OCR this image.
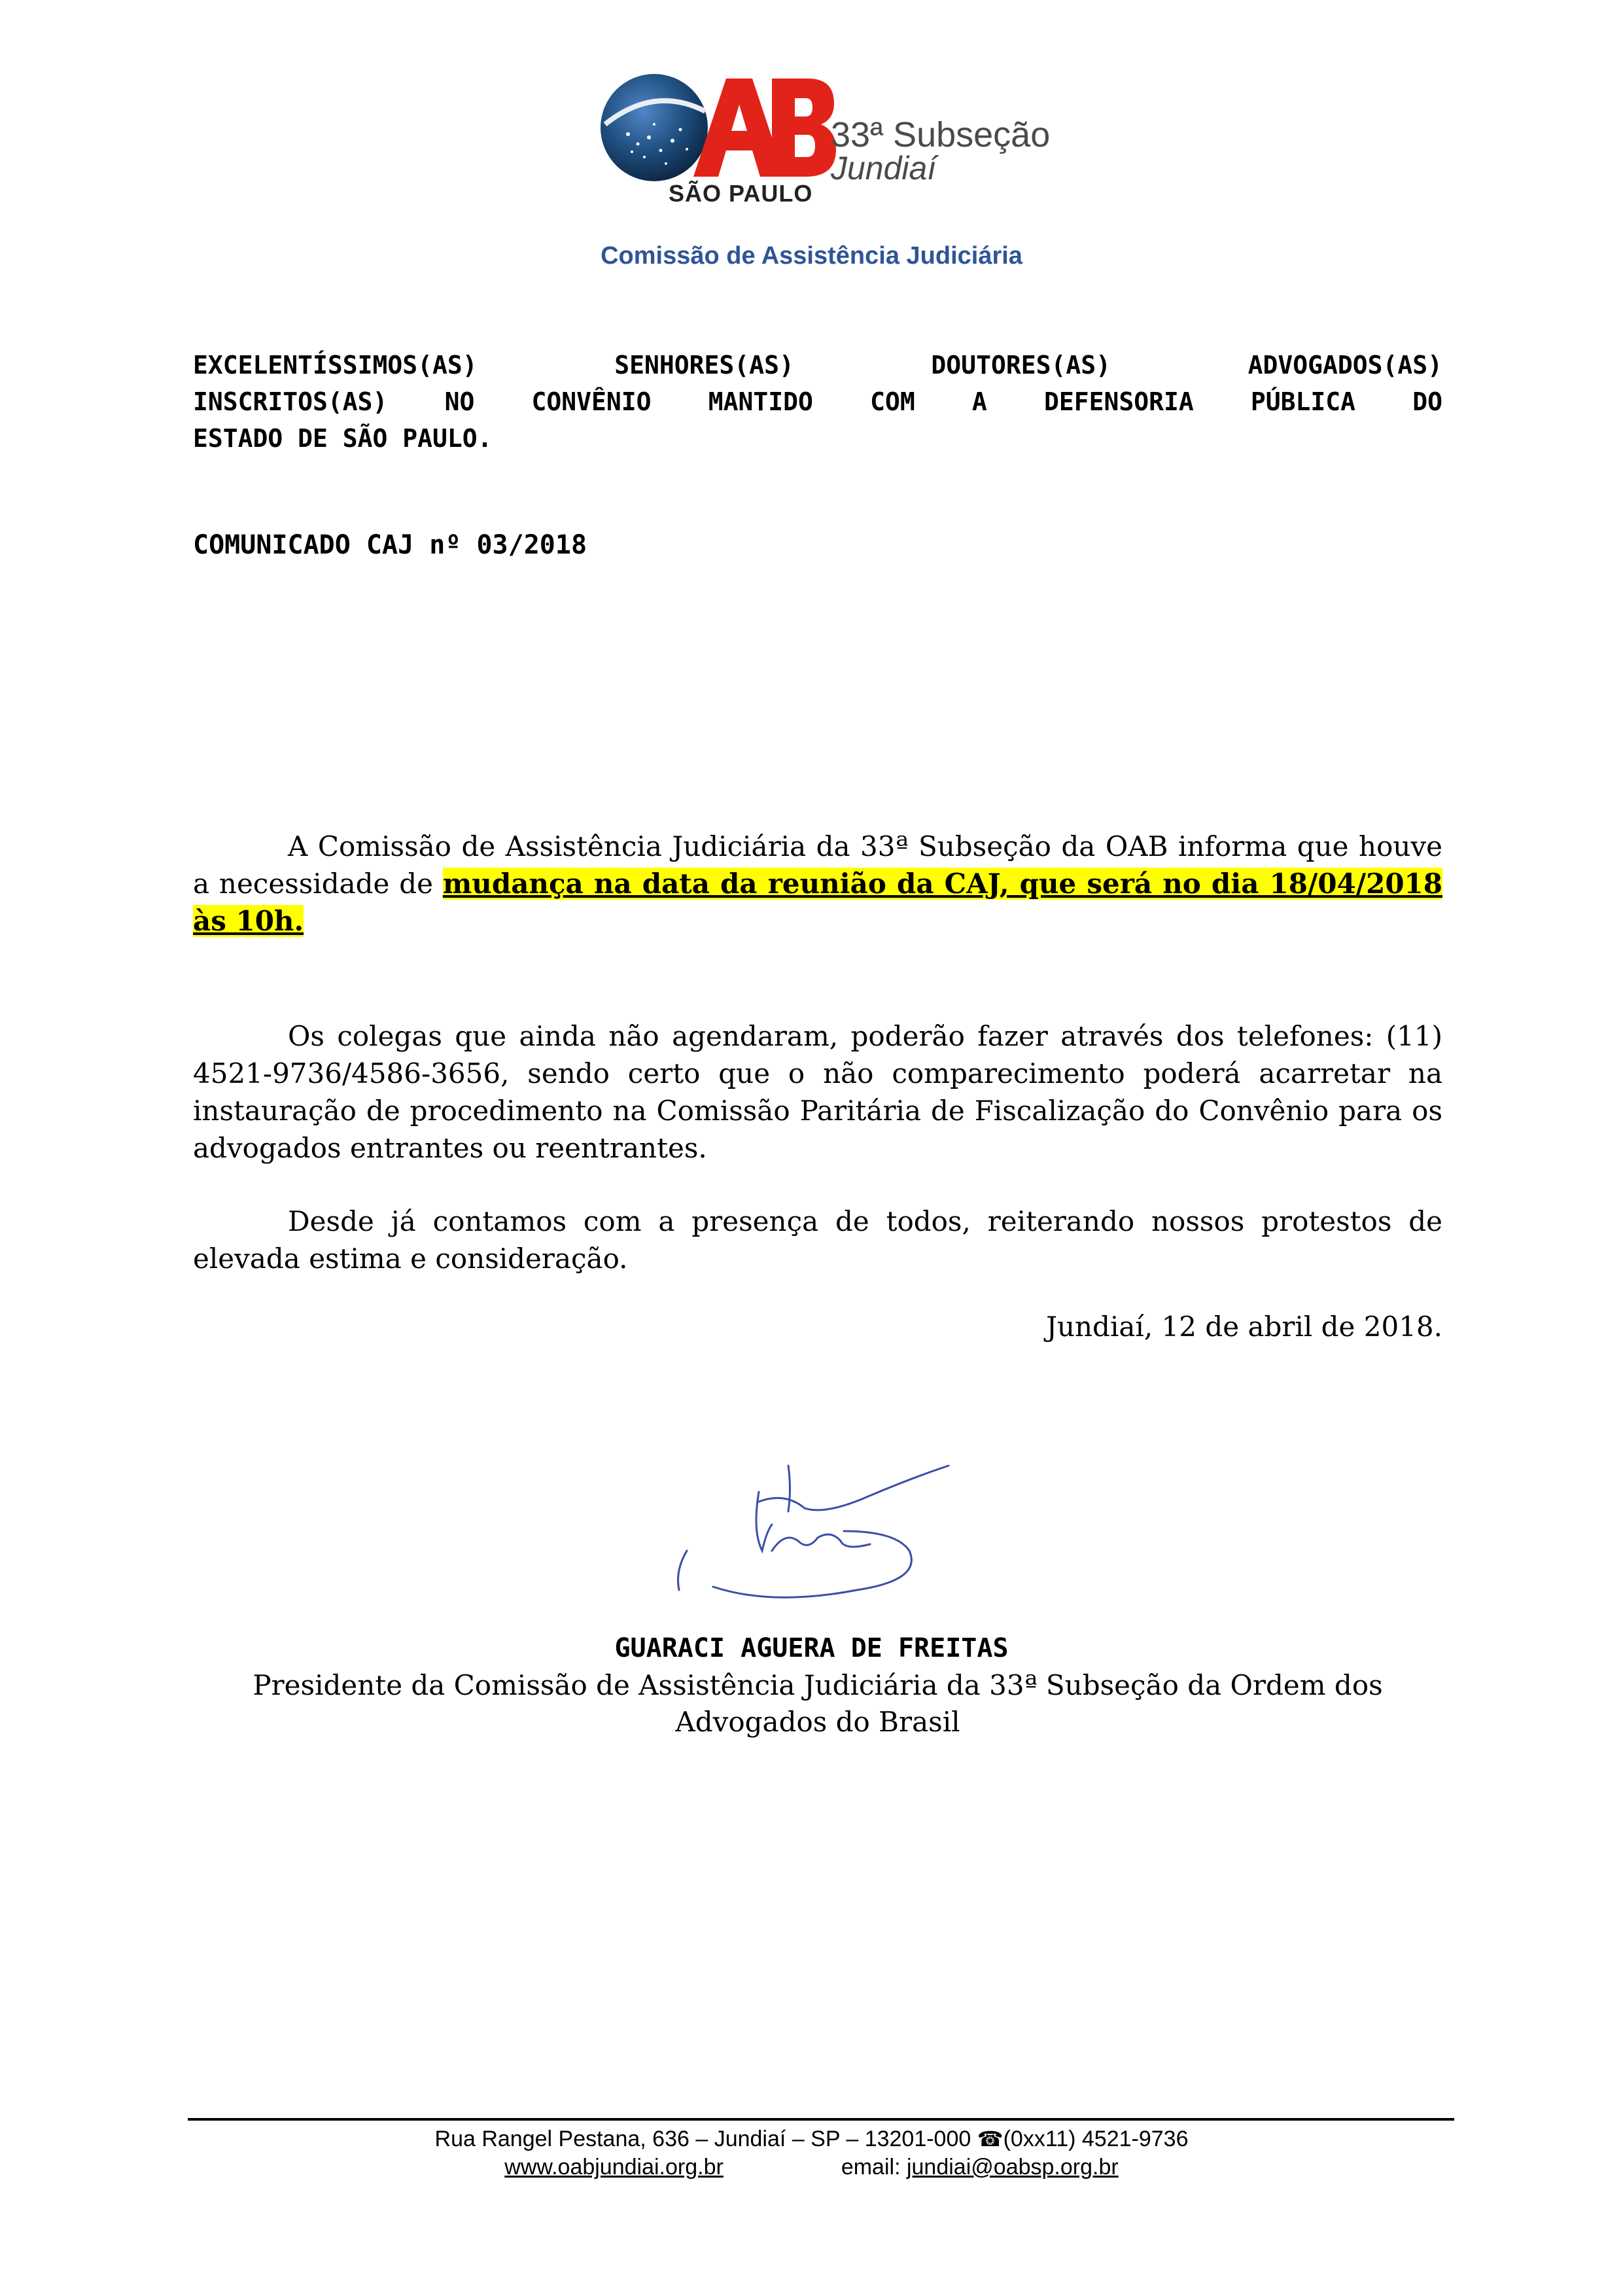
SÃO PAULO
33ª Subseção
Jundiaí
Comissão de Assistência Judiciária
EXCELENTÍSSIMOS(AS) SENHORES(AS) DOUTORES(AS) ADVOGADOS(AS)
INSCRITOS(AS) NO CONVÊNIO MANTIDO COM A DEFENSORIA PÚBLICA DO
ESTADO DE SÃO PAULO.
COMUNICADO CAJ nº 03/2018
A Comissão de Assistência Judiciária da 33ª Subseção da OAB informa que houve a necessidade de mudança na data da reunião da CAJ, que será no dia 18/04/2018 às 10h.
Os colegas que ainda não agendaram, poderão fazer através dos telefones: (11) 4521-9736/4586-3656, sendo certo que o não comparecimento poderá acarretar na instauração de procedimento na Comissão Paritária de Fiscalização do Convênio para os advogados entrantes ou reentrantes.
Desde já contamos com a presença de todos, reiterando nossos protestos de elevada estima e consideração.
Jundiaí, 12 de abril de 2018.
GUARACI AGUERA DE FREITAS
Presidente da Comissão de Assistência Judiciária da 33ª Subseção da Ordem dos Advogados do Brasil
Rua Rangel Pestana, 636 – Jundiaí – SP – 13201-000 ☎(0xx11) 4521-9736
www.oabjundiai.org.br	email: jundiai@oabsp.org.br
